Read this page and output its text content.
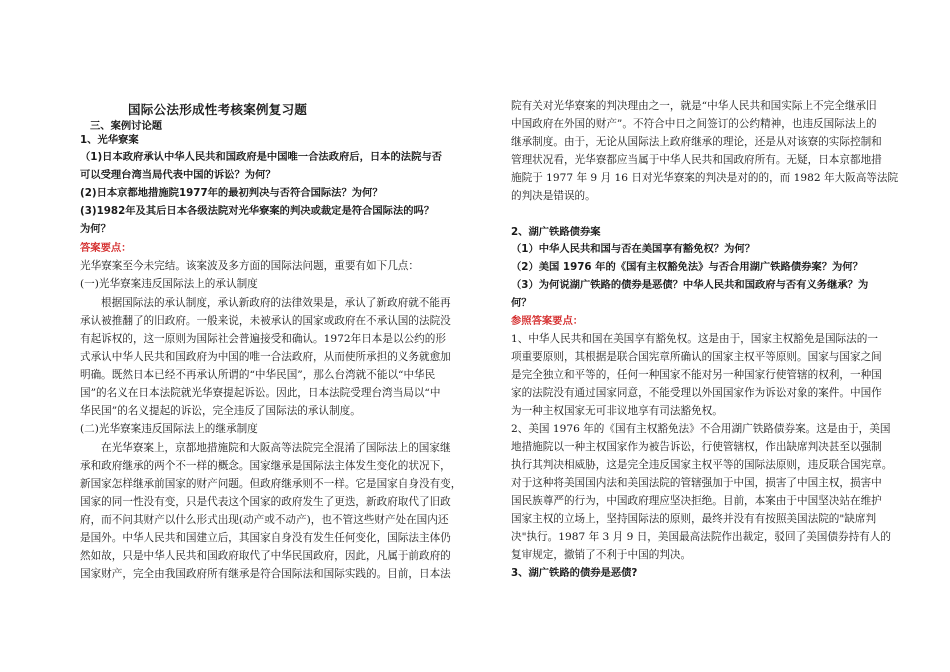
国际公法形成性考核案例复习题
三、案例讨论题
1、光华寮案
（1)日本政府承认中华人民共和国政府是中国唯一合法政府后，日本的法院与否
可以受理台湾当局代表中国的诉讼？为何？
(2)日本京都地措施院1977年的最初判决与否符合国际法？为何？
(3)1982年及其后日本各级法院对光华寮案的判决或裁定是符合国际法的吗？
为何？
答案要点：
光华寮案至今未完结。该案波及多方面的国际法问题，重要有如下几点：
(一)光华寮案违反国际法上的承认制度
根据国际法的承认制度，承认新政府的法律效果是，承认了新政府就不能再
承认被推翻了的旧政府。一般来说，未被承认的国家或政府在不承认国的法院没
有起诉权的，这一原则为国际社会普遍接受和确认。1972年日本是以公约的形
式承认中华人民共和国政府为中国的唯一合法政府，从而使所承担的义务就愈加
明确。既然日本已经不再承认所谓的“中华民国”，那么台湾就不能以“中华民
国”的名义在日本法院就光华寮提起诉讼。因此，日本法院受理台湾当局以“中
华民国”的名义提起的诉讼，完全违反了国际法的承认制度。
(二)光华寮案违反国际法上的继承制度
在光华寮案上，京都地措施院和大阪高等法院完全混淆了国际法上的国家继
承和政府继承的两个不一样的概念。国家继承是国际法主体发生变化的状况下，
新国家怎样继承前国家的财产问题。但政府继承则不一样。它是国家自身没有变，
国家的同一性没有变，只是代表这个国家的政府发生了更迭，新政府取代了旧政
府，而不问其财产以什么形式出现(动产或不动产)，也不管这些财产处在国内还
是国外。中华人民共和国建立后，其国家自身没有发生任何变化，国际法主体仍
然如故，只是中华人民共和国政府取代了中华民国政府，因此，凡属于前政府的
国家财产，完全由我国政府所有继承是符合国际法和国际实践的。目前，日本法
院有关对光华寮案的判决理由之一，就是“中华人民共和国实际上不完全继承旧
中国政府在外国的财产”。不符合中日之间签订的公约精神，也违反国际法上的
继承制度。由于，无论从国际法上政府继承的理论，还是从对该寮的实际控制和
管理状况看，光华寮都应当属于中华人民共和国政府所有。无疑，日本京都地措
施院于 1977 年 9 月 16 日对光华寮案的判决是对的的，而 1982 年大阪高等法院
的判决是错误的。
2、湖广铁路债券案
（1）中华人民共和国与否在美国享有豁免权？为何？
（2）美国 1976 年的《国有主权豁免法》与否合用湖广铁路债券案？为何？
（3）为何说湖广铁路的债券是恶债？中华人民共和国政府与否有义务继承？为
何？
参照答案要点：
1、中华人民共和国在美国享有豁免权。这是由于，国家主权豁免是国际法的一
项重要原则，其根据是联合国宪章所确认的国家主权平等原则。国家与国家之间
是完全独立和平等的，任何一种国家不能对另一种国家行使管辖的权利，一种国
家的法院没有通过国家同意，不能受理以外国国家作为诉讼对象的案件。中国作
为一种主权国家无可非议地享有司法豁免权。
2、美国 1976 年的《国有主权豁免法》不合用湖广铁路债券案。这是由于，美国
地措施院以一种主权国家作为被告诉讼，行使管辖权，作出缺席判决甚至以强制
执行其判决相威胁，这是完全违反国家主权平等的国际法原则，违反联合国宪章。
对于这种将美国国内法和美国法院的管辖强加于中国，损害了中国主权，损害中
国民族尊严的行为，中国政府理应坚决拒绝。目前，本案由于中国坚决站在维护
国家主权的立场上，坚持国际法的原则，最终并没有有按照美国法院的"缺席判
决"执行。1987 年 3 月 9 日，美国最高法院作出裁定，驳回了美国债券持有人的
复审规定，撤销了不利于中国的判决。
3、湖广铁路的债券是恶债?
